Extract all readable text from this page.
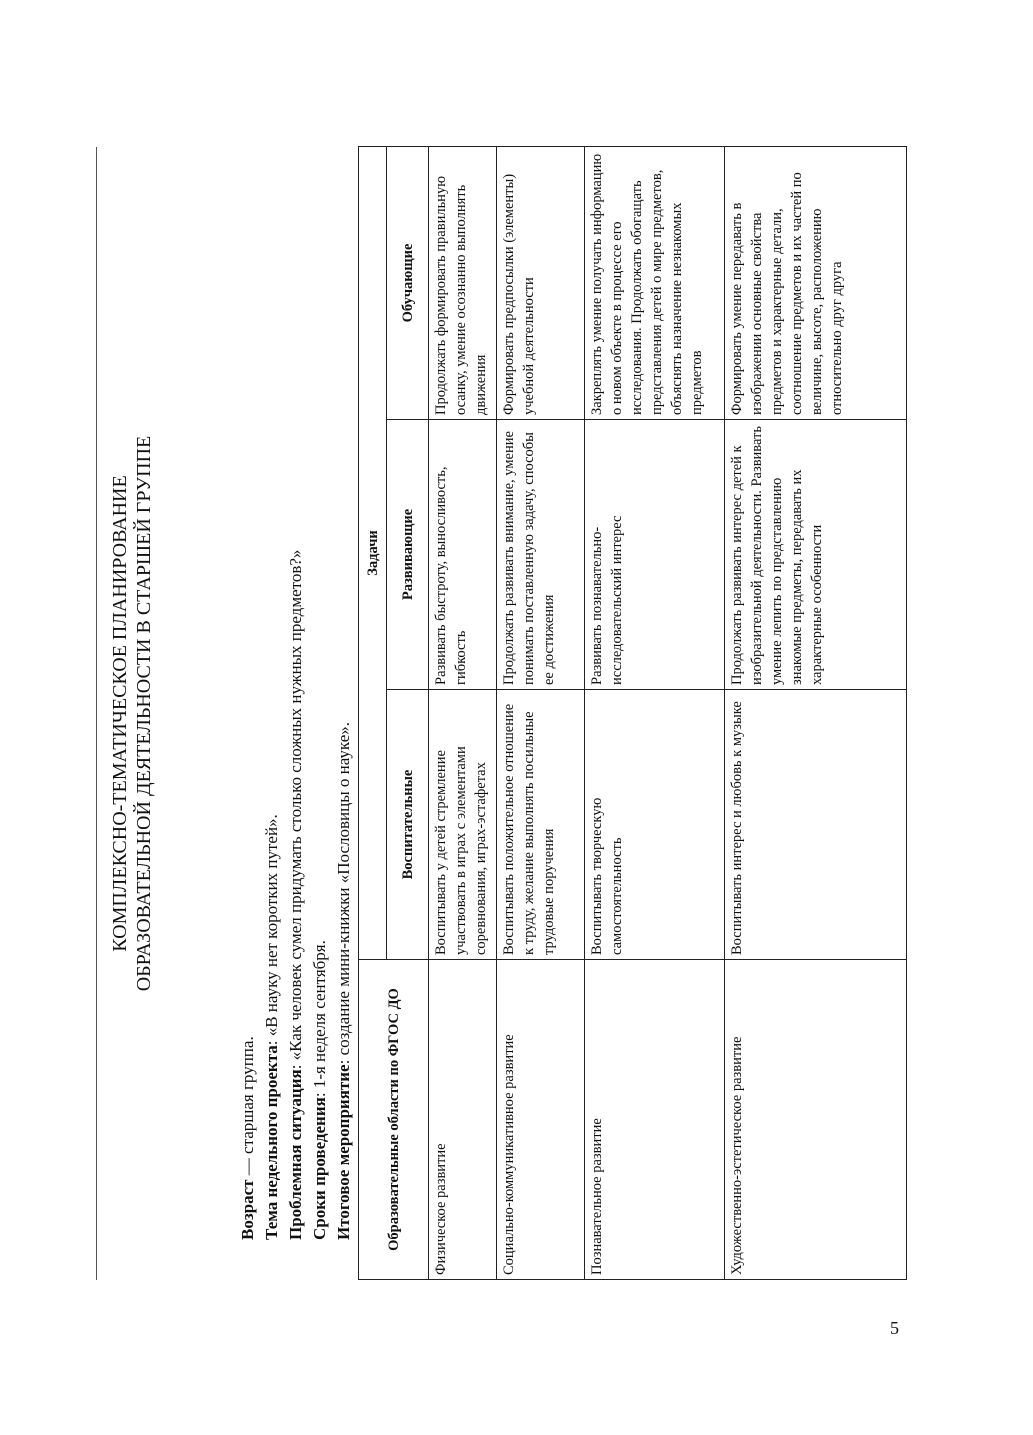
КОМПЛЕКСНО-ТЕМАТИЧЕСКОЕ ПЛАНИРОВАНИЕ ОБРАЗОВАТЕЛЬНОЙ ДЕЯТЕЛЬНОСТИ В СТАРШЕЙ ГРУППЕ
Возраст — старшая группа. Тема недельного проекта: «В науку нет коротких путей».
Проблемная ситуация: «Как человек сумел придумать столько сложных нужных предметов?»
Сроки проведения: 1-я неделя сентября.
Итоговое мероприятие: создание мини-книжки «Пословицы о науке».
Образовательные области по ФГОС ДО	Задачи		
	Воспитательные	Развивающие	Обучающие
Физическое развитие	Воспитывать у детей стремление участвовать в играх с элементами соревнования, играх-эстафетах	Развивать быстроту, выносливость, гибкость	Продолжать формировать правильную осанку, умение осознанно выполнять движения
Социально-коммуникативное развитие	Воспитывать положительное отношение к труду, желание выполнять посильные трудовые поручения	Продолжать развивать внимание, умение понимать поставленную задачу, способы ее достижения	Формировать предпосылки (элементы) учебной деятельности
Познавательное развитие	Воспитывать творческую самостоятельность	Развивать познавательно-исследовательский интерес	Закреплять умение получать информацию о новом объекте в процессе его исследования. Продолжать обогащать представления детей о мире предметов, объяснять назначение незнакомых предметов
Художественно-эстетическое развитие	Воспитывать интерес и любовь к музыке	Продолжать развивать интерес детей к изобразительной деятельности. Развивать умение лепить по представлению знакомые предметы, передавать их характерные особенности	Формировать умение передавать в изображении основные свойства предметов и характерные детали, соотношение предметов и их частей по величине, высоте, расположению относительно друг друга
5
